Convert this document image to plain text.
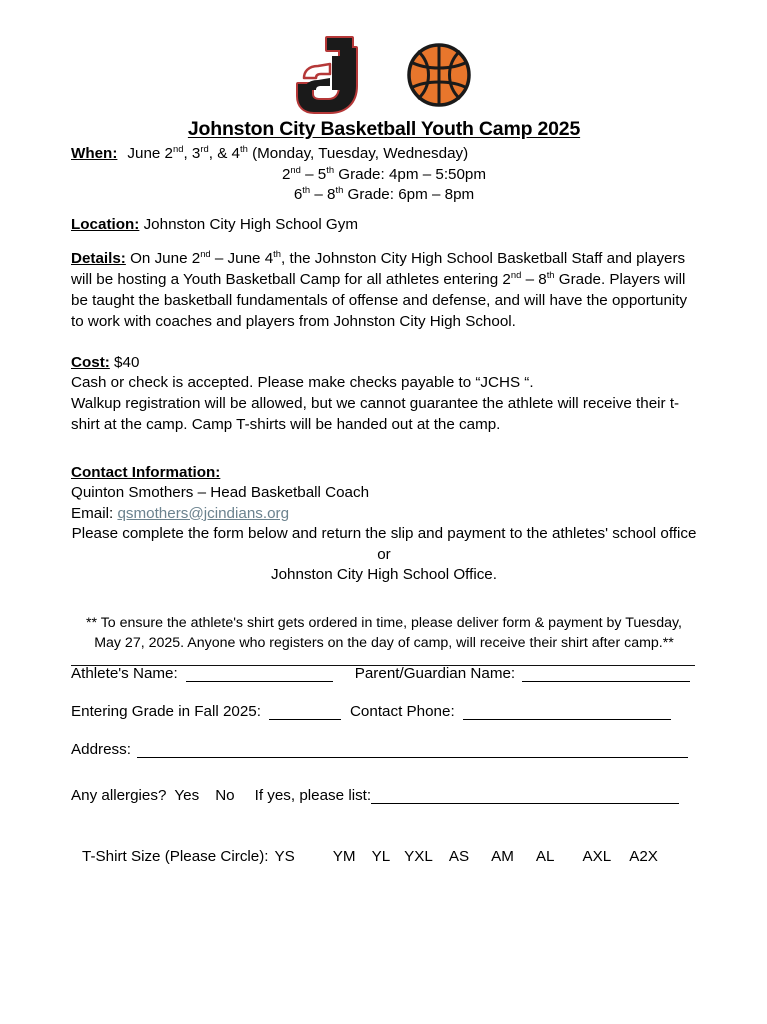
Johnston City Basketball Youth Camp 2025

When: June 2nd, 3rd, & 4th (Monday, Tuesday, Wednesday)

2nd – 5th Grade: 4pm – 5:50pm

6th – 8th Grade: 6pm – 8pm

Location: Johnston City High School Gym

Details: On June 2nd – June 4th, the Johnston City High School Basketball Staff and players will be hosting a Youth Basketball Camp for all athletes entering 2nd – 8th Grade. Players will be taught the basketball fundamentals of offense and defense, and will have the opportunity to work with coaches and players from Johnston City High School.

Cost: $40

Cash or check is accepted. Please make checks payable to “JCHS “.

Walkup registration will be allowed, but we cannot guarantee the athlete will receive their t-shirt at the camp. Camp T-shirts will be handed out at the camp.

Contact Information:

Quinton Smothers – Head Basketball Coach

Email: qsmothers@jcindians.org

Please complete the form below and return the slip and payment to the athletes' school office or

Johnston City High School Office.

** To ensure the athlete's shirt gets ordered in time, please deliver form & payment by Tuesday,
May 27, 2025. Anyone who registers on the day of camp, will receive their shirt after camp.**
Athlete's Name:	Parent/Guardian Name:
Entering Grade in Fall 2025:	Contact Phone:
Address:
Any allergies? Yes No If yes, please list:
T-Shirt Size (Please Circle): YS	YM YL YXL AS AM AL AXL A2X
